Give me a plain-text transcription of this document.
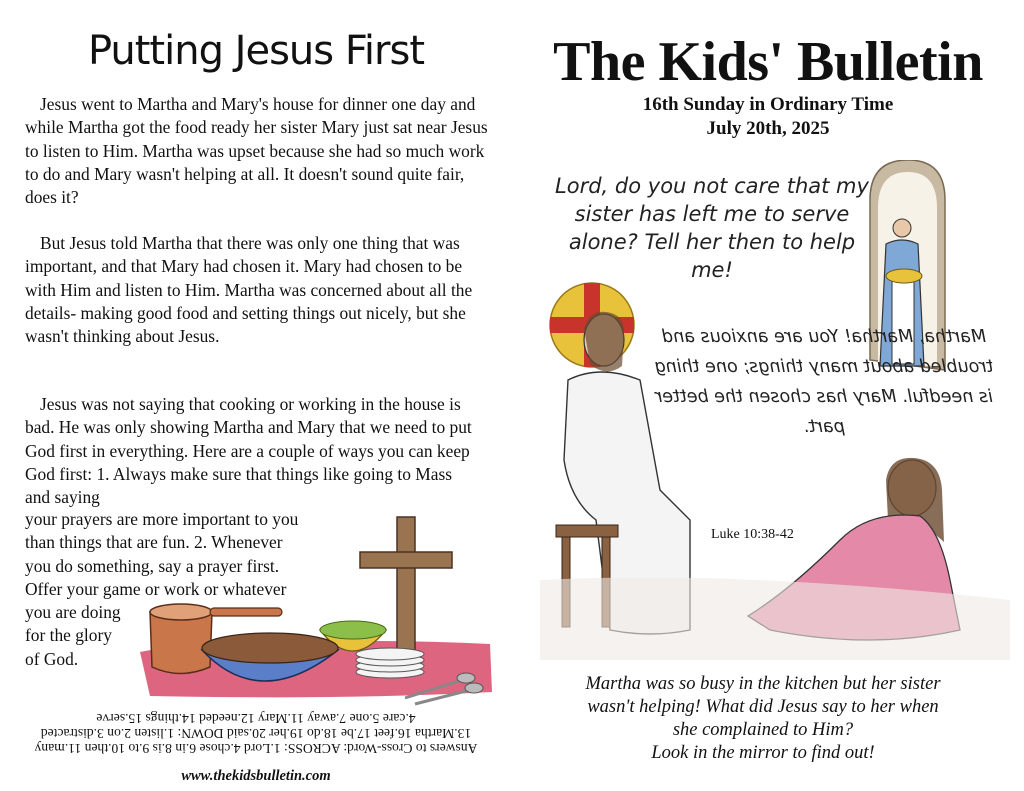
Putting Jesus First

Jesus went to Martha and Mary's house for dinner one day and while Martha got the food ready her sister Mary just sat near Jesus to listen to Him. Martha was upset because she had so much work to do and Mary wasn't helping at all. It doesn't sound quite fair, does it?

But Jesus told Martha that there was only one thing that was important, and that Mary had chosen it. Mary had chosen to be with Him and listen to Him. Martha was concerned about all the details- making good food and setting things out nicely, but she wasn't thinking about Jesus.

Jesus was not saying that cooking or working in the house is bad. He was only showing Martha and Mary that we need to put God first in everything. Here are a couple of ways you can keep God first: 1. Always make sure that things like going to Mass and saying

your prayers are more important to you

than things that are fun. 2. Whenever

you do something, say a prayer first.

Offer your game or work or whatever

you are doing

for the glory

of God.

Answers to Cross-Word: ACROSS: 1.Lord 4.chose 6.in 8.is 9.to 10.then 11.many
13.Martha 16.feet 17.be 18.do 19.her 20.said DOWN: 1.listen 2.on 3.distracted
4.care 5.one 7.away 11.Mary 12.needed 14.things 15.serve
www.thekidsbulletin.com
The Kids' Bulletin
16th Sunday in Ordinary Time
July 20th, 2025
Lord, do you not care that my sister has left me to serve alone? Tell her then to help me!
Martha, Martha! You are anxious and troubled about many things; one thing is needful. Mary has chosen the better part.
Luke 10:38-42
Martha was so busy in the kitchen but her sister
wasn't helping! What did Jesus say to her when
she complained to Him?
Look in the mirror to find out!
